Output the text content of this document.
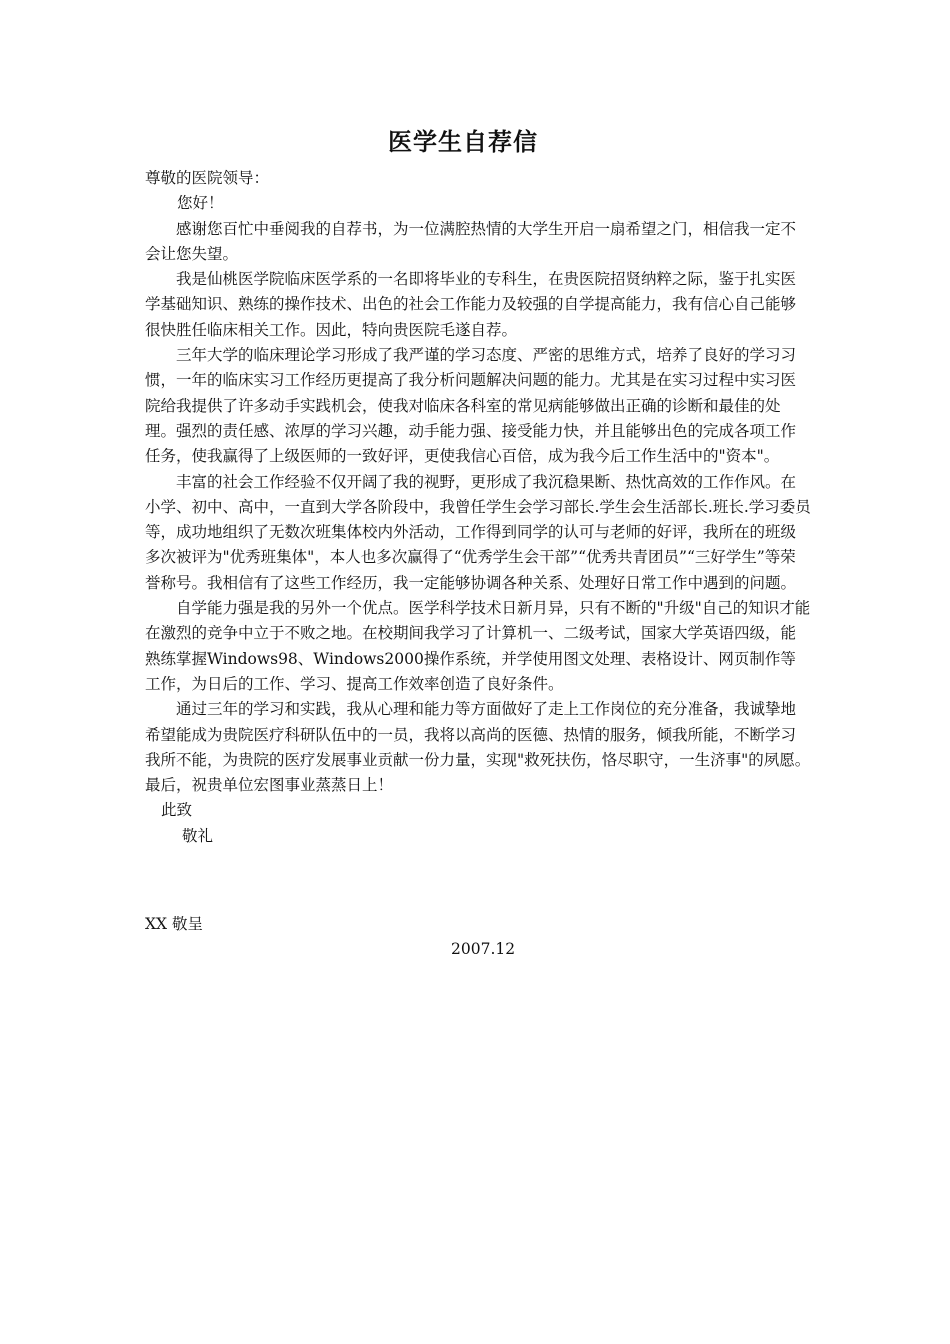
医学生自荐信

尊敬的医院领导：

您好！

感谢您百忙中垂阅我的自荐书，为一位满腔热情的大学生开启一扇希望之门，相信我一定不会让您失望。

我是仙桃医学院临床医学系的一名即将毕业的专科生，在贵医院招贤纳粹之际，鉴于扎实医学基础知识、熟练的操作技术、出色的社会工作能力及较强的自学提高能力，我有信心自己能够很快胜任临床相关工作。因此，特向贵医院毛遂自荐。

三年大学的临床理论学习形成了我严谨的学习态度、严密的思维方式，培养了良好的学习习惯，一年的临床实习工作经历更提高了我分析问题解决问题的能力。尤其是在实习过程中实习医院给我提供了许多动手实践机会，使我对临床各科室的常见病能够做出正确的诊断和最佳的处理。强烈的责任感、浓厚的学习兴趣，动手能力强、接受能力快，并且能够出色的完成各项工作任务，使我赢得了上级医师的一致好评，更使我信心百倍，成为我今后工作生活中的"资本"。

丰富的社会工作经验不仅开阔了我的视野，更形成了我沉稳果断、热忱高效的工作作风。在小学、初中、高中，一直到大学各阶段中，我曾任学生会学习部长.学生会生活部长.班长.学习委员等，成功地组织了无数次班集体校内外活动，工作得到同学的认可与老师的好评，我所在的班级多次被评为"优秀班集体"，本人也多次赢得了“优秀学生会干部”“优秀共青团员”“三好学生”等荣誉称号。我相信有了这些工作经历，我一定能够协调各种关系、处理好日常工作中遇到的问题。

自学能力强是我的另外一个优点。医学科学技术日新月异，只有不断的"升级"自己的知识才能在激烈的竞争中立于不败之地。在校期间我学习了计算机一、二级考试，国家大学英语四级，能熟练掌握Windows98、Windows2000操作系统，并学使用图文处理、表格设计、网页制作等工作，为日后的工作、学习、提高工作效率创造了良好条件。

通过三年的学习和实践，我从心理和能力等方面做好了走上工作岗位的充分准备，我诚挚地希望能成为贵院医疗科研队伍中的一员，我将以高尚的医德、热情的服务，倾我所能，不断学习我所不能，为贵院的医疗发展事业贡献一份力量，实现"救死扶伤，恪尽职守，一生济事"的夙愿。最后，祝贵单位宏图事业蒸蒸日上！

此致

敬礼

XX 敬呈
2007.12
